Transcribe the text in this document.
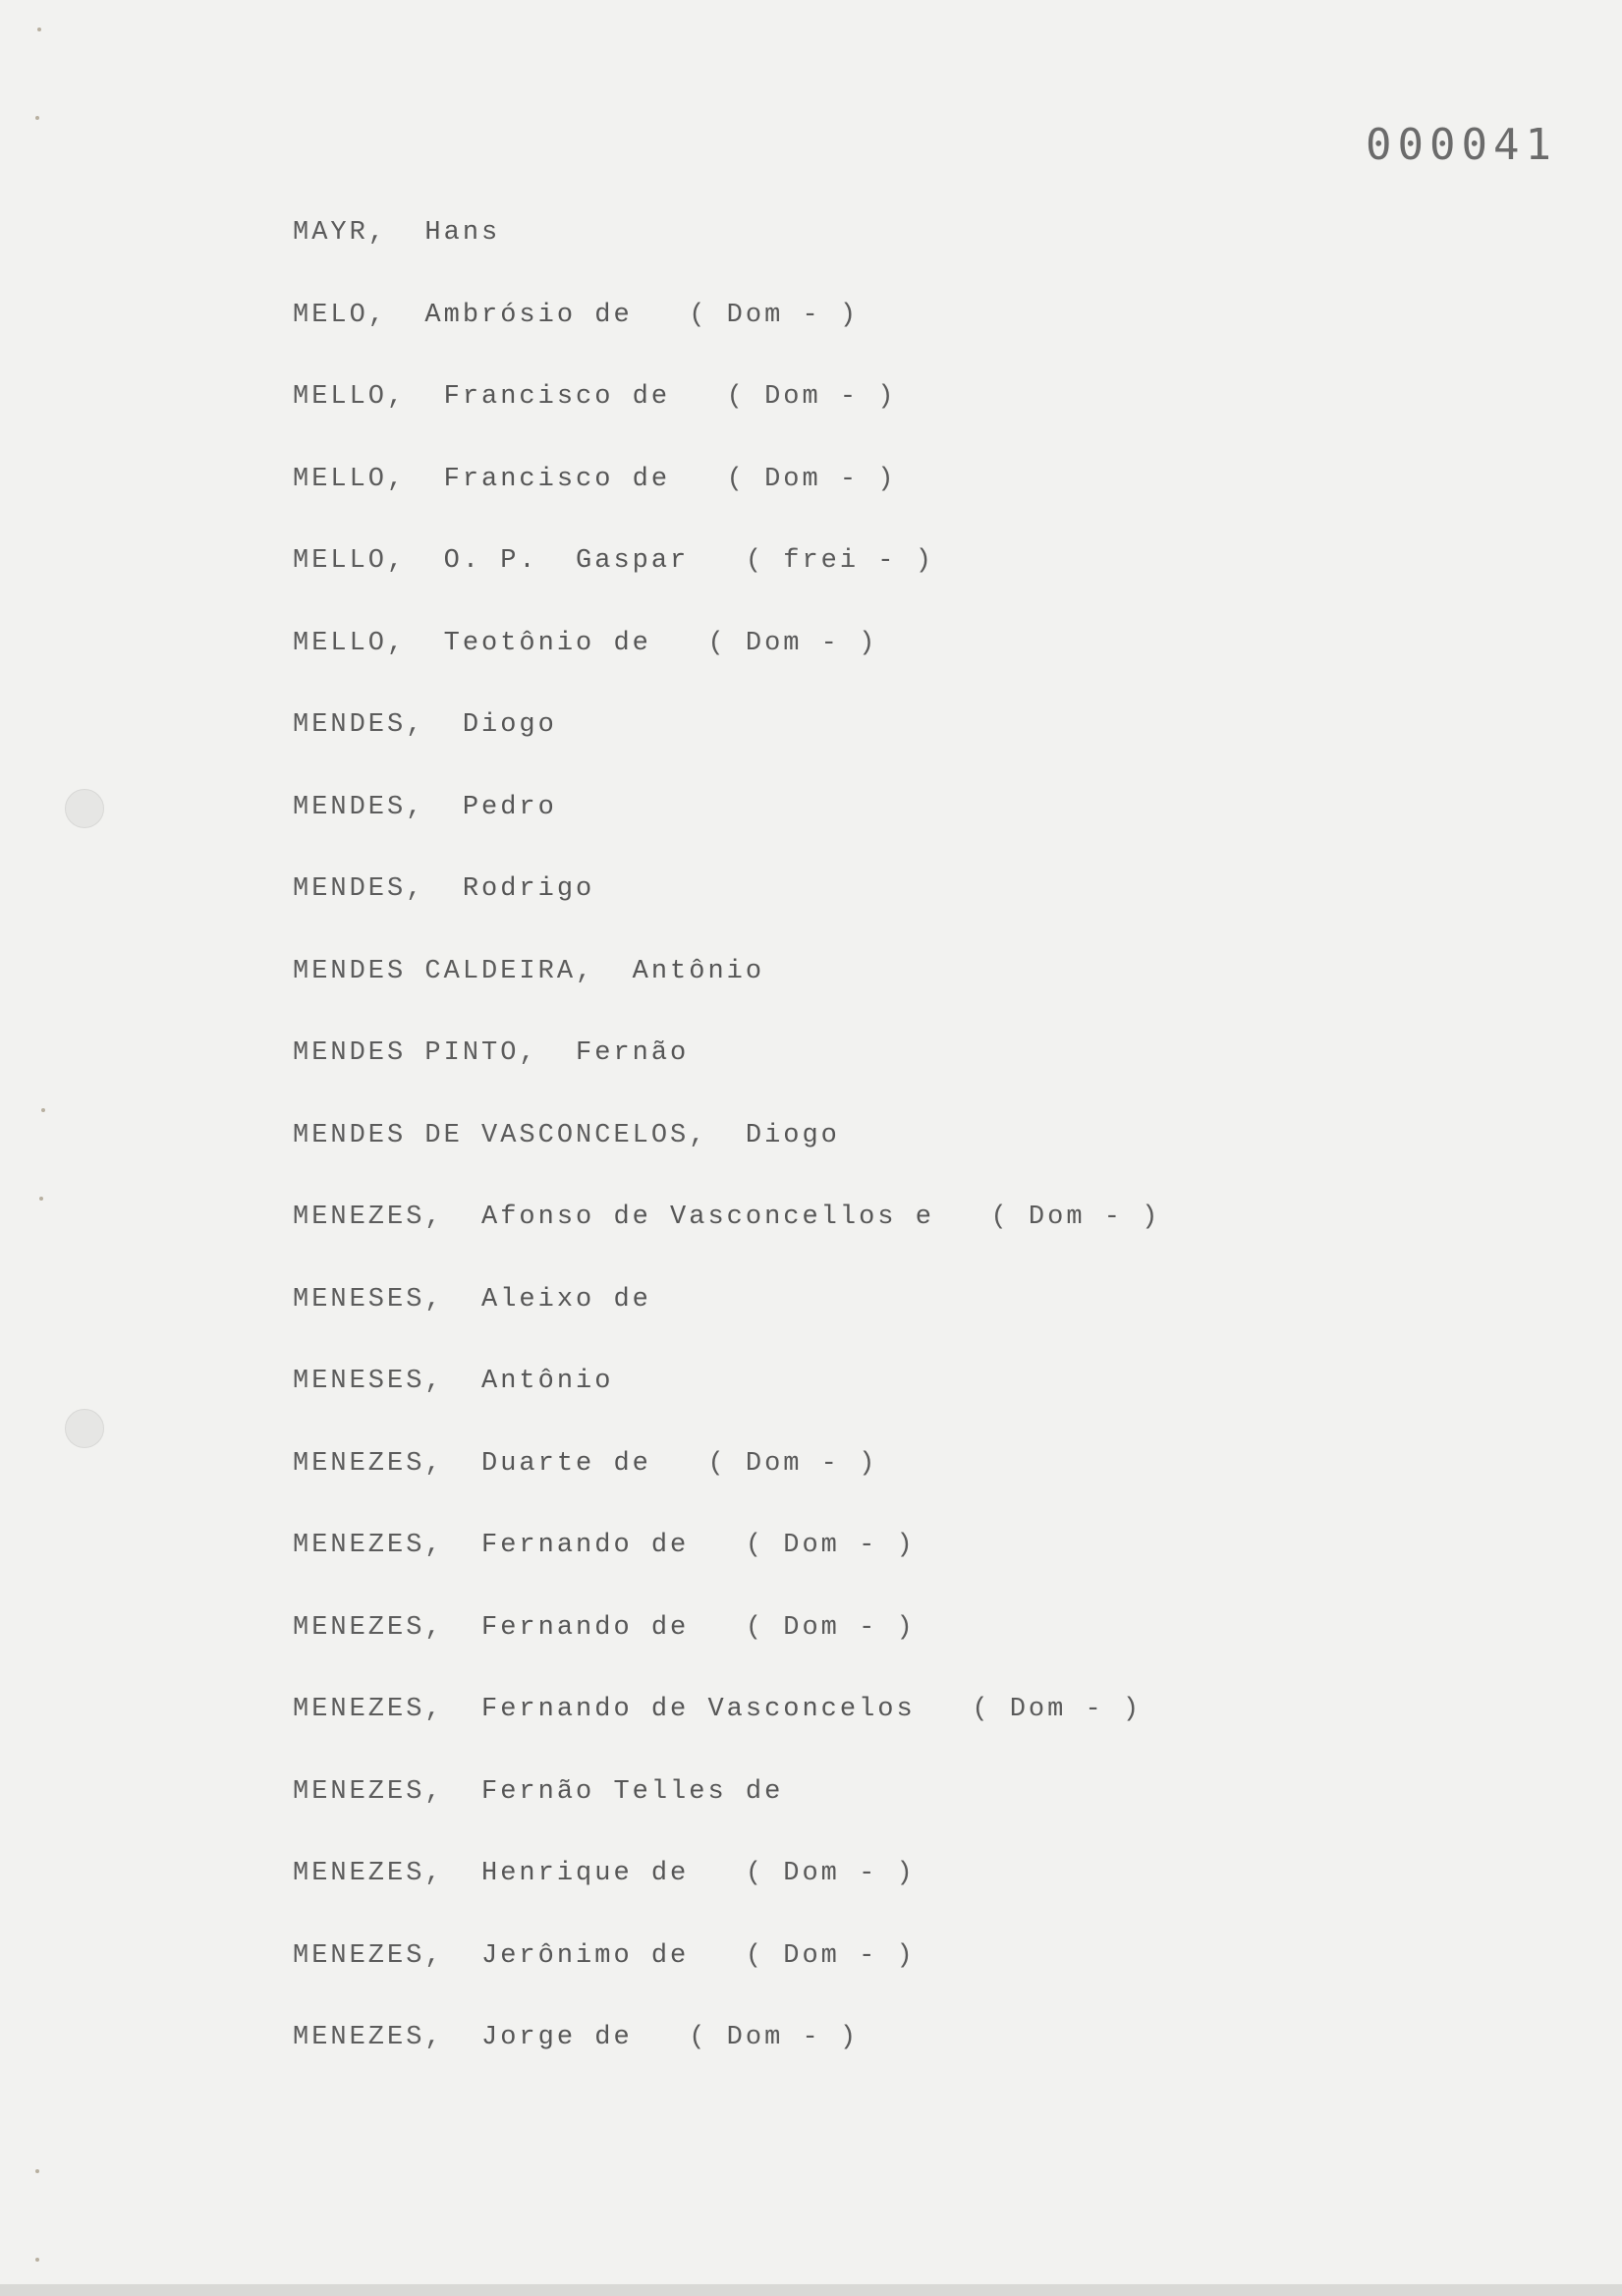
000041
MAYR, Hans
MELO, Ambrósio de ( Dom - )
MELLO, Francisco de ( Dom - )
MELLO, Francisco de ( Dom - )
MELLO, O. P.  Gaspar ( frei - )
MELLO, Teotônio de ( Dom - )
MENDES, Diogo
MENDES, Pedro
MENDES, Rodrigo
MENDES CALDEIRA, Antônio
MENDES PINTO, Fernão
MENDES DE VASCONCELOS, Diogo
MENEZES, Afonso de Vasconcellos e ( Dom - )
MENESES, Aleixo de
MENESES, Antônio
MENEZES, Duarte de ( Dom - )
MENEZES, Fernando de ( Dom - )
MENEZES, Fernando de ( Dom - )
MENEZES, Fernando de Vasconcelos ( Dom - )
MENEZES, Fernão Telles de
MENEZES, Henrique de ( Dom - )
MENEZES, Jerônimo de ( Dom - )
MENEZES, Jorge de ( Dom - )
